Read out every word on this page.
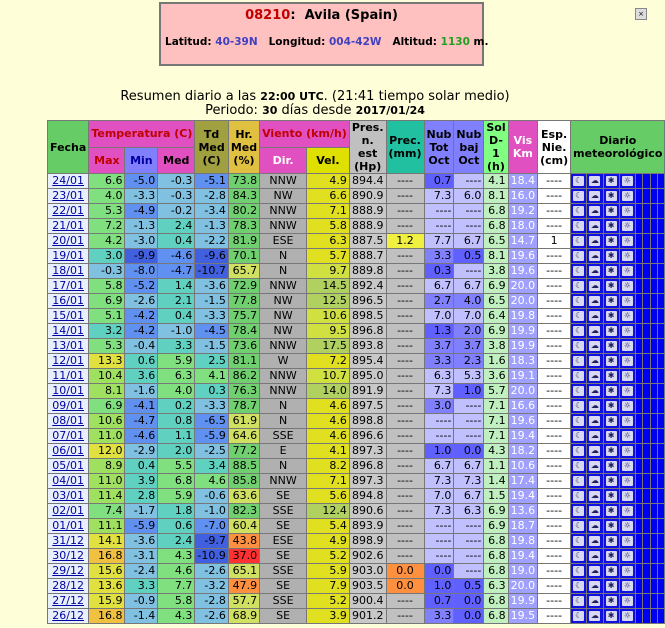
08210:  Avila (Spain)
Latitud: 40-39N Longitud: 004-42W Altitud: 1130 m.
×
Resumen diario a las 22:00 UTC. (21:41 tiempo solar medio)
Periodo: 30 días desde 2017/01/24
Fecha	Temperatura (C)			Td Med (C)	Hr. Med (%)	Viento (km/h)		Pres. n. est (Hp)	Prec. (mm)	Nub Tot Oct	Nub baj Oct	Sol D-1 (h)	Vis Km	Esp. Nie. (cm)	Diario meteorológico							
	Max	Min	Med			Dir.	Vel.															
24/01	6.6	-5.0	-0.3	-5.1	73.8	NNW	4.9	894.4	----	0.7	----	4.1	18.4	----	☾	☁	✱	☼				
23/01	4.0	-3.3	-0.3	-2.8	84.3	NW	6.6	890.9	----	7.3	6.0	8.1	16.0	----	☾	☁	✱	☼				
22/01	5.3	-4.9	-0.2	-3.4	80.2	NNW	7.1	888.9	----	----	----	6.8	19.2	----	☾	☁	✱	☼				
21/01	7.2	-1.3	2.4	-1.3	78.3	NNW	5.8	888.9	----	----	----	6.8	18.0	----	☾	☁	✱	☼				
20/01	4.2	-3.0	0.4	-2.2	81.9	ESE	6.3	887.5	1.2	7.7	6.7	6.5	14.7	1	☾	☁	✱	☼				
19/01	3.0	-9.9	-4.6	-9.6	70.1	N	5.7	888.7	----	3.3	0.5	8.1	19.6	----	☾	☁	✱	☼				
18/01	-0.3	-8.0	-4.7	-10.7	65.7	N	9.7	889.8	----	0.3	----	3.8	19.6	----	☾	☁	✱	☼				
17/01	5.8	-5.2	1.4	-3.6	72.9	NNW	14.5	892.4	----	6.7	6.7	6.9	20.0	----	☾	☁	✱	☼				
16/01	6.9	-2.6	2.1	-1.5	77.8	NW	12.5	896.5	----	2.7	4.0	6.5	20.0	----	☾	☁	✱	☼				
15/01	5.1	-4.2	0.4	-3.3	75.7	NW	10.6	898.5	----	7.0	7.0	6.4	19.8	----	☾	☁	✱	☼				
14/01	3.2	-4.2	-1.0	-4.5	78.4	NW	9.5	896.8	----	1.3	2.0	6.9	19.9	----	☾	☁	✱	☼				
13/01	5.3	-0.4	3.3	-1.5	73.6	NNW	17.5	893.8	----	3.7	3.7	3.8	19.9	----	☾	☁	✱	☼				
12/01	13.3	0.6	5.9	2.5	81.1	W	7.2	895.4	----	3.3	2.3	1.6	18.3	----	☾	☁	✱	☼				
11/01	10.4	3.6	6.3	4.1	86.2	NNW	10.7	895.0	----	6.3	5.3	3.6	19.1	----	☾	☁	✱	☼				
10/01	8.1	-1.6	4.0	0.3	76.3	NNW	14.0	891.9	----	7.3	1.0	5.7	20.0	----	☾	☁	✱	☼				
09/01	6.9	-4.1	0.2	-3.3	78.7	N	4.6	897.5	----	3.0	----	7.1	16.6	----	☾	☁	✱	☼				
08/01	10.6	-4.7	0.8	-6.5	61.9	N	4.6	898.8	----	----	----	7.1	19.6	----	☾	☁	✱	☼				
07/01	11.0	-4.6	1.1	-5.9	64.6	SSE	4.6	896.6	----	----	----	7.1	19.4	----	☾	☁	✱	☼				
06/01	12.0	-2.9	2.0	-2.5	77.2	E	4.1	897.3	----	1.0	0.0	4.3	18.2	----	☾	☁	✱	☼				
05/01	8.9	0.4	5.5	3.4	88.5	N	8.2	896.8	----	6.7	6.7	1.1	10.6	----	☾	☁	✱	☼				
04/01	11.0	3.9	6.8	4.6	85.8	NNW	7.1	897.3	----	7.3	7.3	1.4	17.4	----	☾	☁	✱	☼				
03/01	11.4	2.8	5.9	-0.6	63.6	SE	5.6	894.8	----	7.0	6.7	1.5	19.4	----	☾	☁	✱	☼				
02/01	7.4	-1.7	1.8	-1.0	82.3	SSE	12.4	890.6	----	7.3	6.3	6.9	13.6	----	☾	☁	✱	☼				
01/01	11.1	-5.9	0.6	-7.0	60.4	SE	5.4	893.9	----	----	----	6.9	18.7	----	☾	☁	✱	☼				
31/12	14.1	-3.6	2.4	-9.7	43.8	ESE	4.9	898.9	----	----	----	6.8	19.8	----	☾	☁	✱	☼				
30/12	16.8	-3.1	4.3	-10.9	37.0	SE	5.2	902.6	----	----	----	6.8	19.4	----	☾	☁	✱	☼				
29/12	15.6	-2.4	4.6	-2.6	65.1	SSE	5.9	903.0	0.0	0.0	----	6.8	19.0	----	☾	☁	✱	☼				
28/12	13.6	3.3	7.7	-3.2	47.9	SE	7.9	903.5	0.0	1.0	0.5	6.3	20.0	----	☾	☁	✱	☼				
27/12	15.9	-0.9	5.8	-2.8	57.7	SSE	5.2	900.4	----	0.7	0.0	6.8	19.9	----	☾	☁	✱	☼				
26/12	16.8	-1.4	4.3	-2.6	68.9	SE	3.9	901.2	----	3.3	0.0	6.8	19.5	----	☾	☁	✱	☼				
